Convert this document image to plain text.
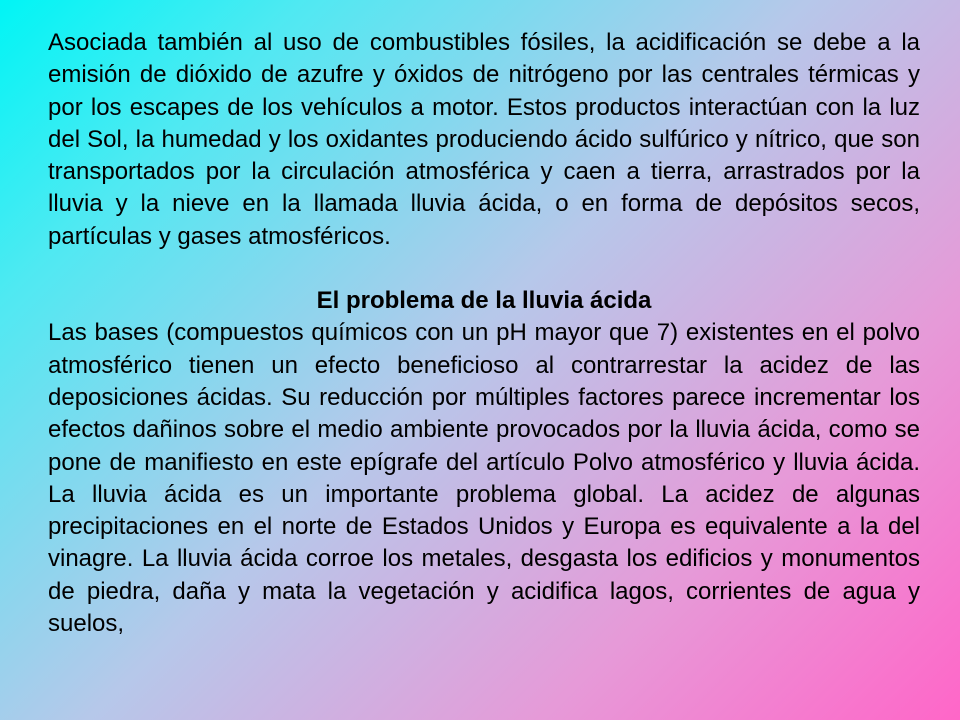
Asociada también al uso de combustibles fósiles, la acidificación se debe a la emisión de dióxido de azufre y óxidos de nitrógeno por las centrales térmicas y por los escapes de los vehículos a motor. Estos productos interactúan con la luz del Sol, la humedad y los oxidantes produciendo ácido sulfúrico y nítrico, que son transportados por la circulación atmosférica y caen a tierra, arrastrados por la lluvia y la nieve en la llamada lluvia ácida, o en forma de depósitos secos, partículas y gases atmosféricos.

El problema de la lluvia ácida

Las bases (compuestos químicos con un pH mayor que 7) existentes en el polvo atmosférico tienen un efecto beneficioso al contrarrestar la acidez de las deposiciones ácidas. Su reducción por múltiples factores parece incrementar los efectos dañinos sobre el medio ambiente provocados por la lluvia ácida, como se pone de manifiesto en este epígrafe del artículo Polvo atmosférico y lluvia ácida. La lluvia ácida es un importante problema global. La acidez de algunas precipitaciones en el norte de Estados Unidos y Europa es equivalente a la del vinagre. La lluvia ácida corroe los metales, desgasta los edificios y monumentos de piedra, daña y mata la vegetación y acidifica lagos, corrientes de agua y suelos,
